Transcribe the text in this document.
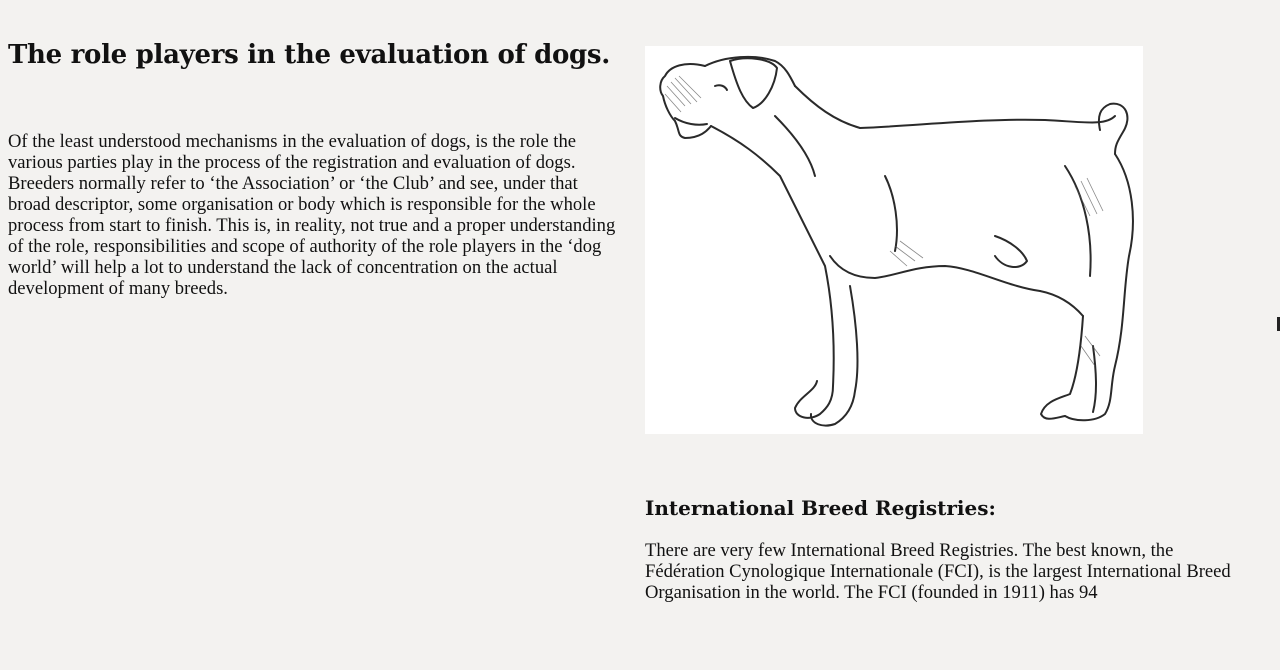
The role players in the evaluation of dogs.

Of the least understood mechanisms in the evaluation of dogs, is the role the various parties play in the process of the registration and evaluation of dogs. Breeders normally refer to ‘the Association’ or ‘the Club’ and see, under that broad descriptor, some organisation or body which is responsible for the whole process from start to finish. This is, in reality, not true and a proper understanding of the role, responsibilities and scope of authority of the role players in the ‘dog world’ will help a lot to understand the lack of concentration on the actual development of many breeds.

International Breed Registries:

There are very few International Breed Registries. The best known, the Fédération Cynologique Internationale (FCI), is the largest International Breed Organisation in the world. The FCI (founded in 1911) has 94
